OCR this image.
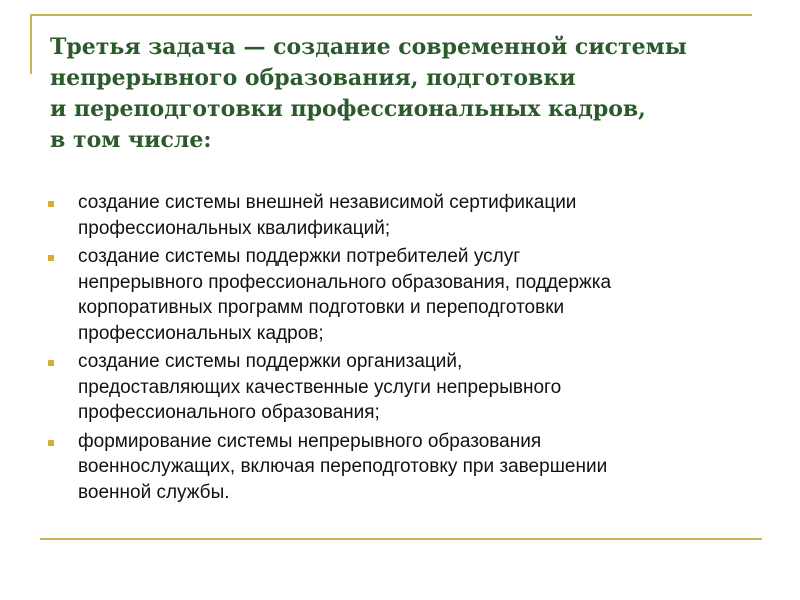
Третья задача — создание современной системы
непрерывного образования, подготовки
и переподготовки профессиональных кадров,
в том числе:
создание системы внешней независимой сертификации
профессиональных квалификаций;
создание системы поддержки потребителей услуг
непрерывного профессионального образования, поддержка
корпоративных программ подготовки и переподготовки
профессиональных кадров;
создание системы поддержки организаций,
предоставляющих качественные услуги непрерывного
профессионального образования;
формирование системы непрерывного образования
военнослужащих, включая переподготовку при завершении
военной службы.
